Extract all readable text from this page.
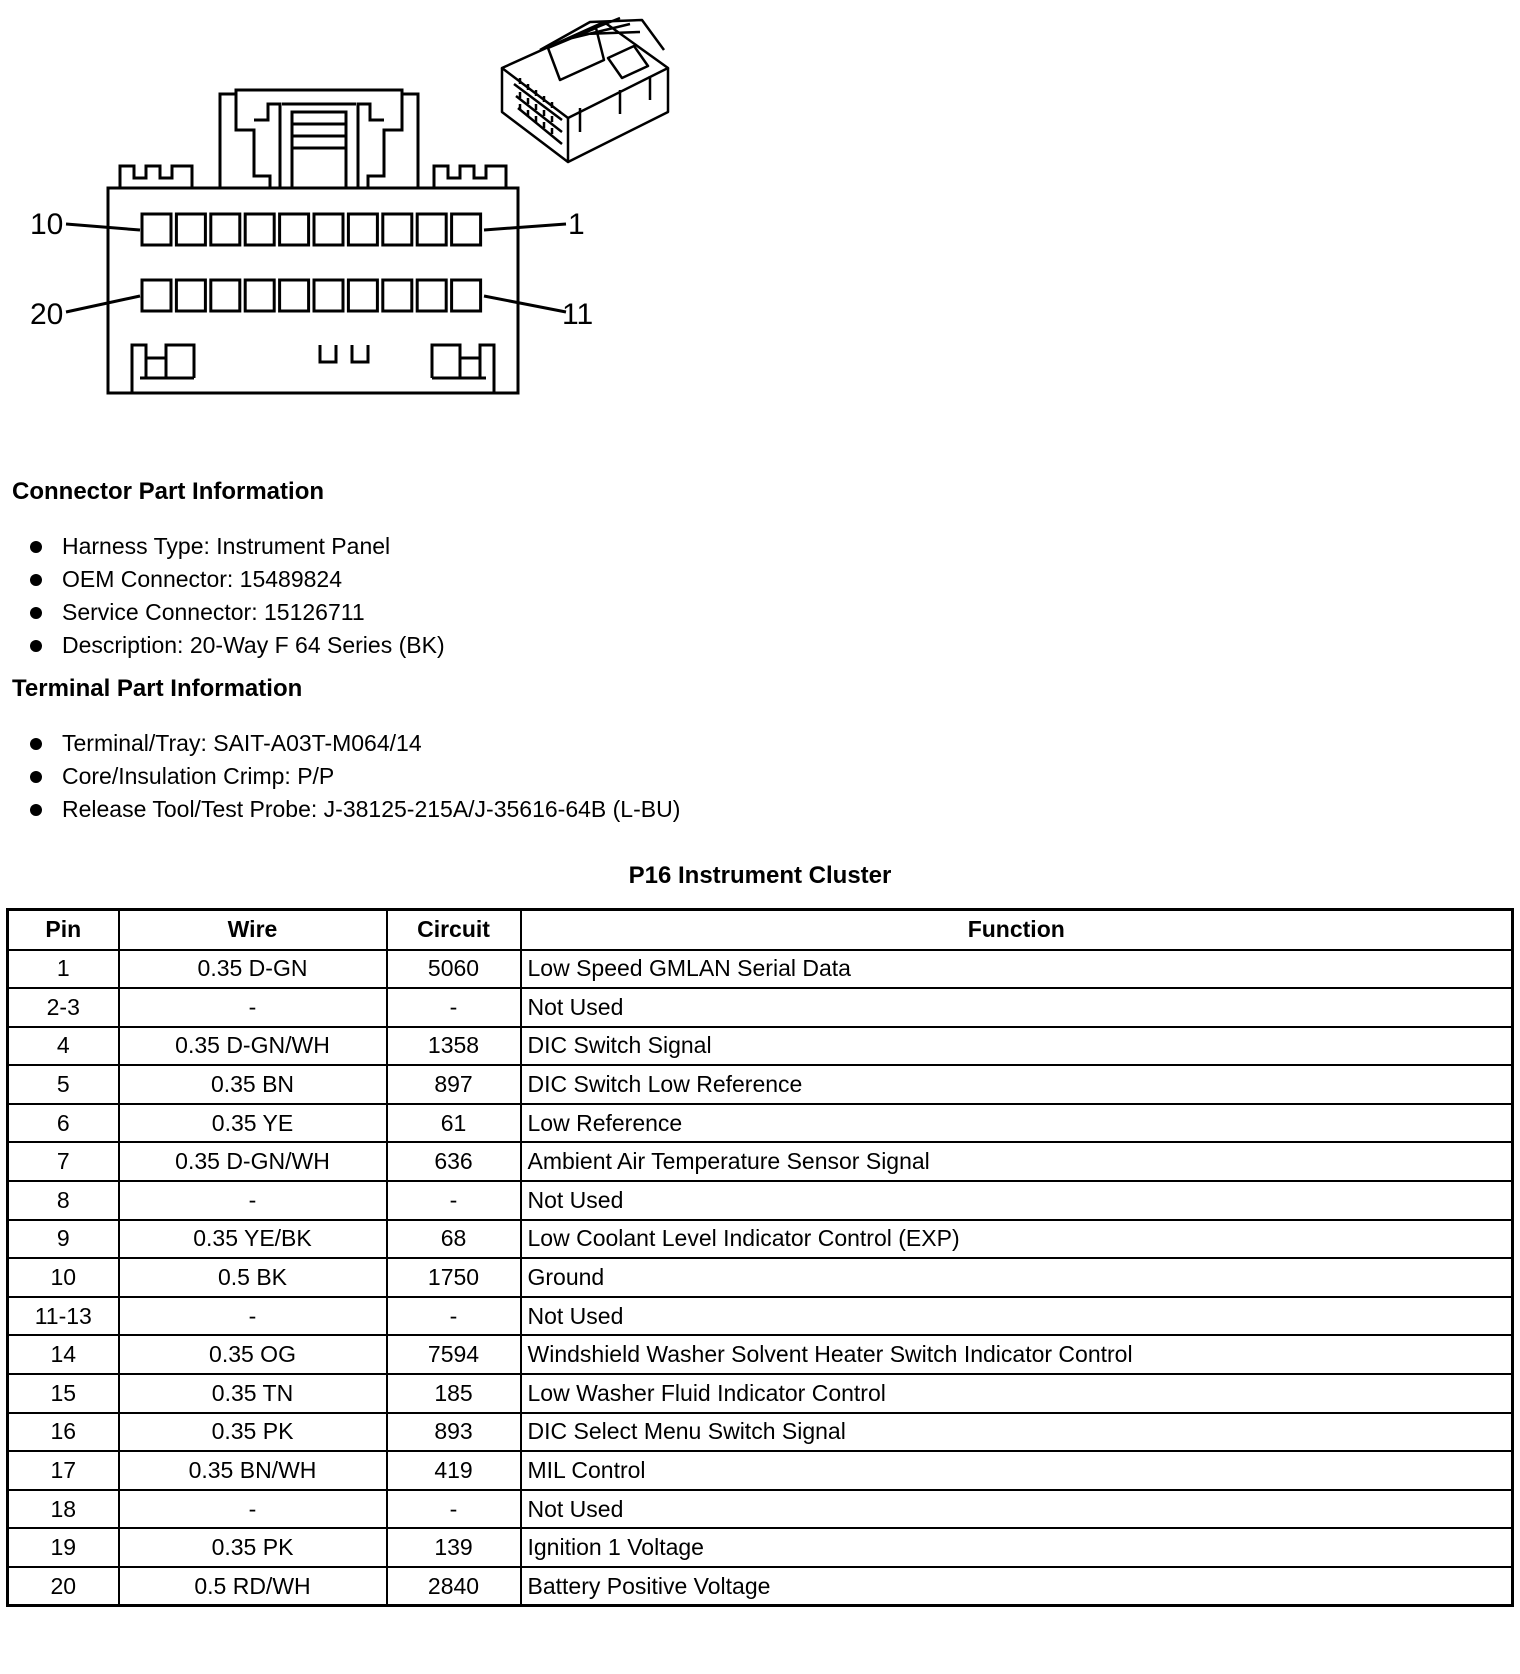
10	1
20	11
Connector Part Information
Harness Type: Instrument Panel
OEM Connector: 15489824
Service Connector: 15126711
Description: 20-Way F 64 Series (BK)
Terminal Part Information
Terminal/Tray: SAIT-A03T-M064/14
Core/Insulation Crimp: P/P
Release Tool/Test Probe: J-38125-215A/J-35616-64B (L-BU)
P16 Instrument Cluster
Pin	Wire	Circuit	Function
1	0.35 D-GN	5060	Low Speed GMLAN Serial Data
2-3	-	-	Not Used
4	0.35 D-GN/WH	1358	DIC Switch Signal
5	0.35 BN	897	DIC Switch Low Reference
6	0.35 YE	61	Low Reference
7	0.35 D-GN/WH	636	Ambient Air Temperature Sensor Signal
8	-	-	Not Used
9	0.35 YE/BK	68	Low Coolant Level Indicator Control (EXP)
10	0.5 BK	1750	Ground
11-13	-	-	Not Used
14	0.35 OG	7594	Windshield Washer Solvent Heater Switch Indicator Control
15	0.35 TN	185	Low Washer Fluid Indicator Control
16	0.35 PK	893	DIC Select Menu Switch Signal
17	0.35 BN/WH	419	MIL Control
18	-	-	Not Used
19	0.35 PK	139	Ignition 1 Voltage
20	0.5 RD/WH	2840	Battery Positive Voltage
